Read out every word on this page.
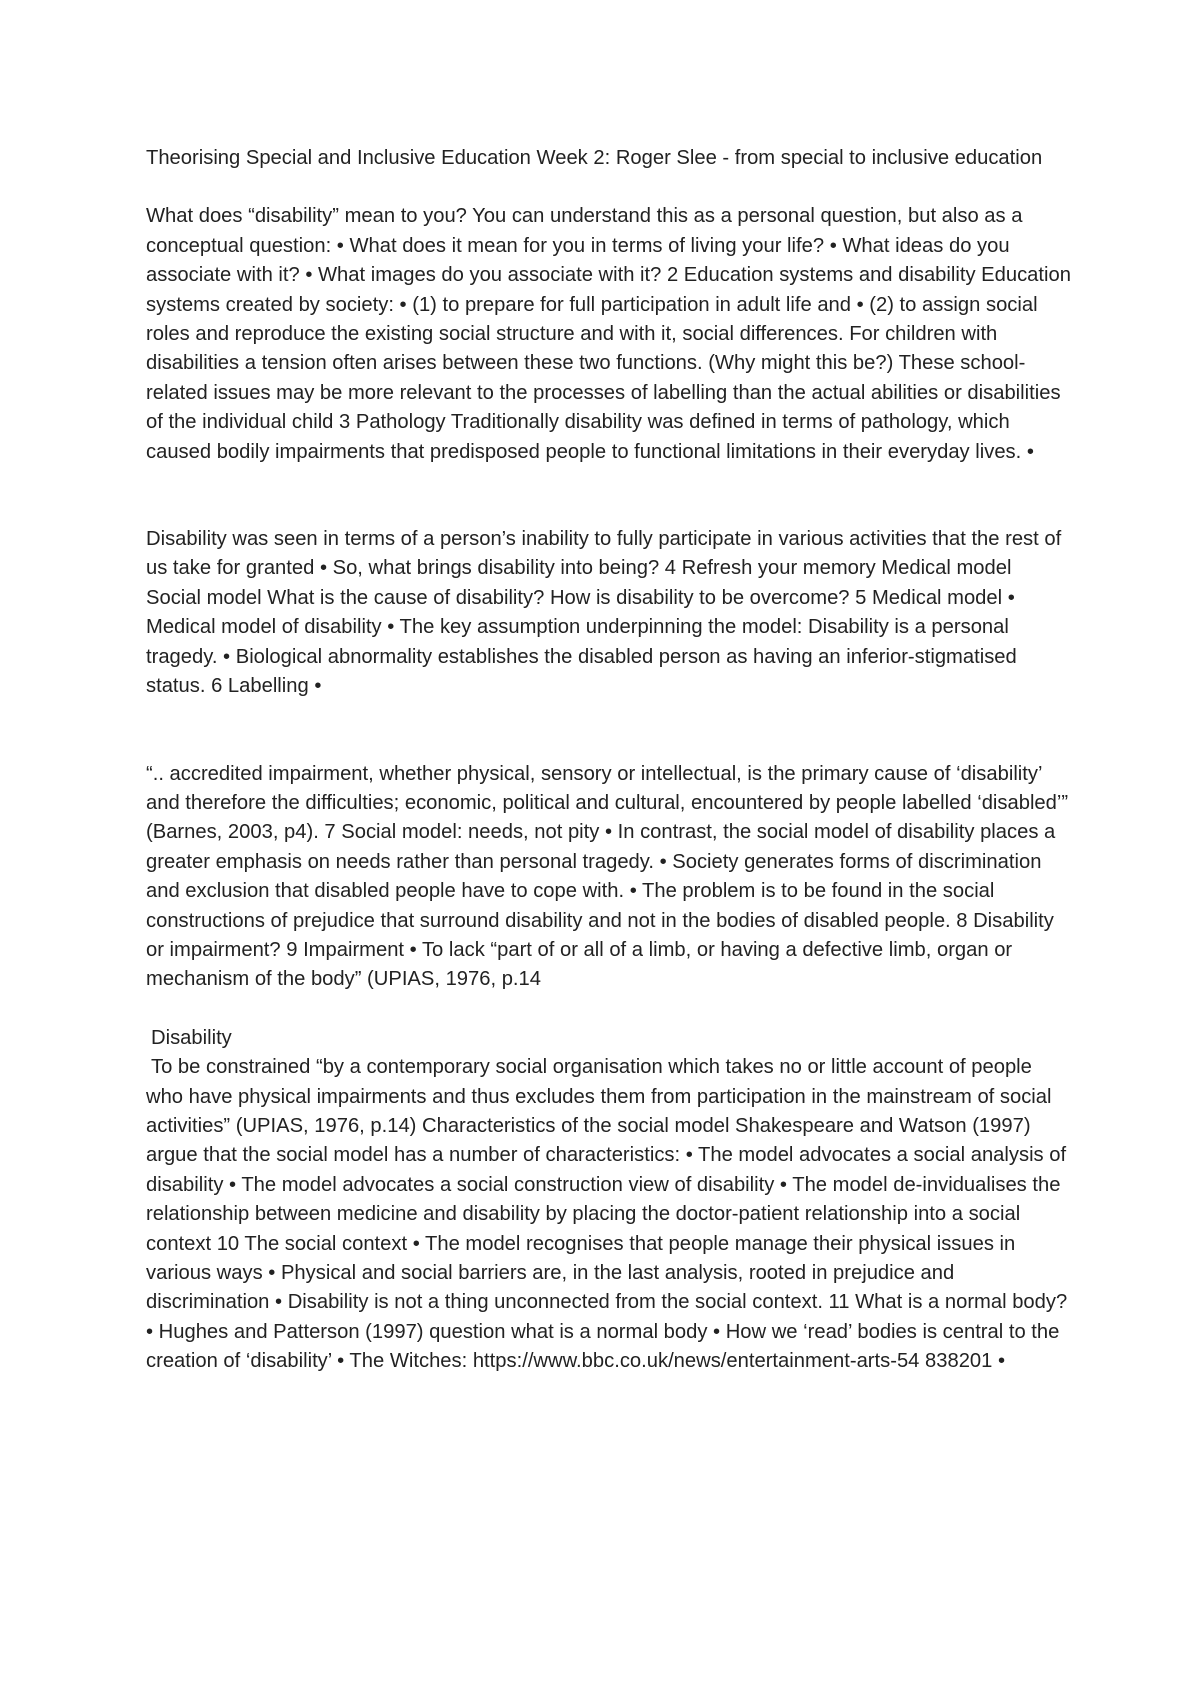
Theorising Special and Inclusive Education Week 2: Roger Slee - from special to inclusive education

What does “disability” mean to you? You can understand this as a personal question, but also as a conceptual question: • What does it mean for you in terms of living your life? • What ideas do you associate with it? • What images do you associate with it? 2 Education systems and disability Education systems created by society: • (1) to prepare for full participation in adult life and • (2) to assign social roles and reproduce the existing social structure and with it, social differences. For children with disabilities a tension often arises between these two functions. (Why might this be?) These school-related issues may be more relevant to the processes of labelling than the actual abilities or disabilities of the individual child 3 Pathology Traditionally disability was defined in terms of pathology, which caused bodily impairments that predisposed people to functional limitations in their everyday lives. •

Disability was seen in terms of a person’s inability to fully participate in various activities that the rest of us take for granted • So, what brings disability into being? 4 Refresh your memory Medical model Social model What is the cause of disability? How is disability to be overcome? 5 Medical model • Medical model of disability • The key assumption underpinning the model: Disability is a personal tragedy. • Biological abnormality establishes the disabled person as having an inferior-stigmatised status. 6 Labelling •

“.. accredited impairment, whether physical, sensory or intellectual, is the primary cause of ‘disability’ and therefore the difficulties; economic, political and cultural, encountered by people labelled ‘disabled’” (Barnes, 2003, p4). 7 Social model: needs, not pity • In contrast, the social model of disability places a greater emphasis on needs rather than personal tragedy. • Society generates forms of discrimination and exclusion that disabled people have to cope with. • The problem is to be found in the social constructions of prejudice that surround disability and not in the bodies of disabled people. 8 Disability or impairment? 9 Impairment • To lack “part of or all of a limb, or having a defective limb, organ or mechanism of the body” (UPIAS, 1976, p.14

Disability
To be constrained “by a contemporary social organisation which takes no or little account of people who have physical impairments and thus excludes them from participation in the mainstream of social activities” (UPIAS, 1976, p.14) Characteristics of the social model Shakespeare and Watson (1997) argue that the social model has a number of characteristics: • The model advocates a social analysis of disability • The model advocates a social construction view of disability • The model de-invidualises the relationship between medicine and disability by placing the doctor-patient relationship into a social context 10 The social context • The model recognises that people manage their physical issues in various ways • Physical and social barriers are, in the last analysis, rooted in prejudice and discrimination • Disability is not a thing unconnected from the social context. 11 What is a normal body? • Hughes and Patterson (1997) question what is a normal body • How we ‘read’ bodies is central to the creation of ‘disability’ • The Witches: https://www.bbc.co.uk/news/entertainment-arts-54 838201 •
